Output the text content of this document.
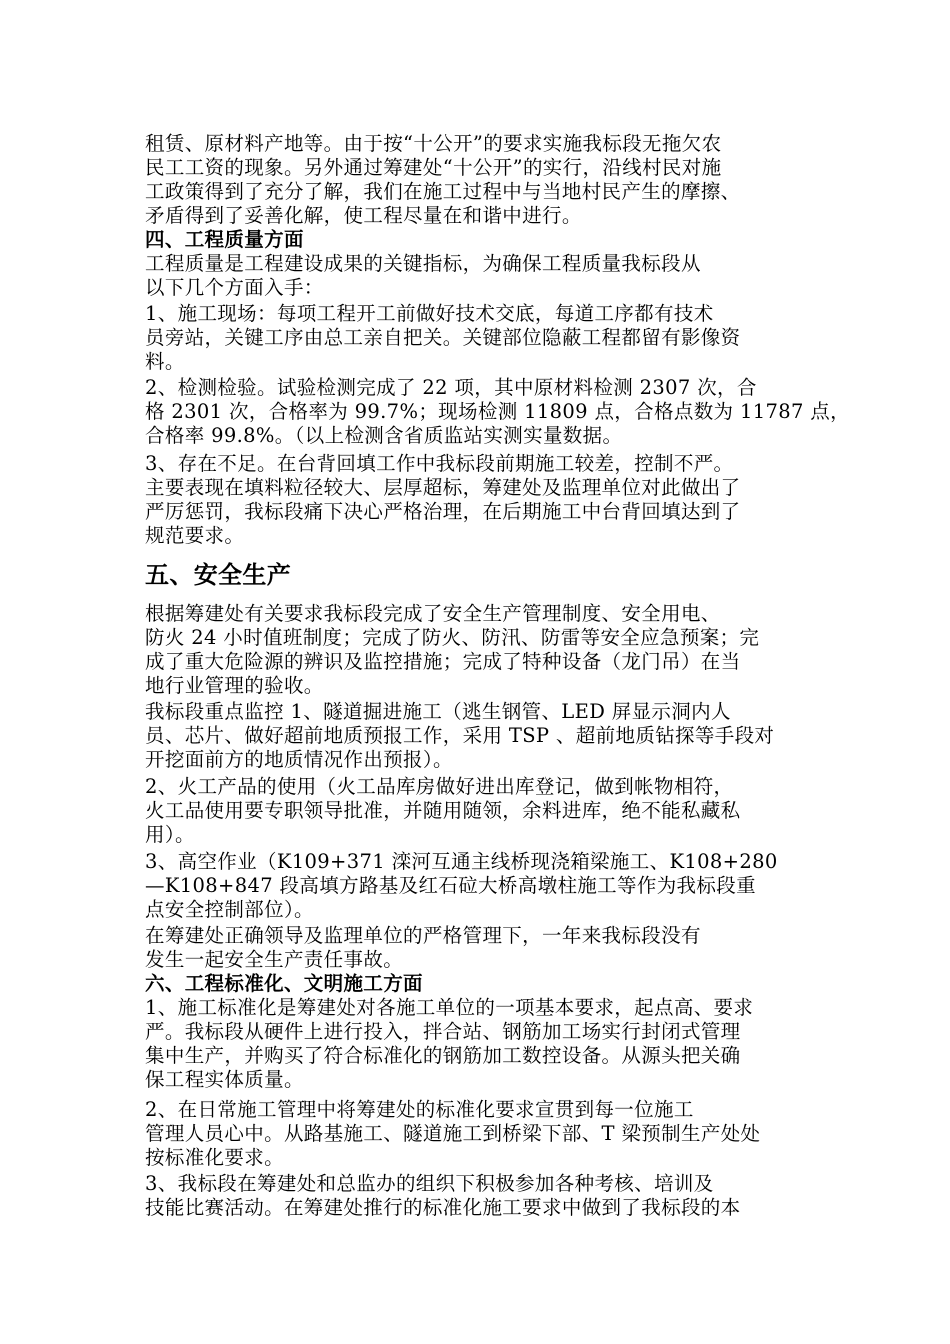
租赁、原材料产地等。由于按“十公开”的要求实施我标段无拖欠农
民工工资的现象。另外通过筹建处“十公开”的实行，沿线村民对施
工政策得到了充分了解，我们在施工过程中与当地村民产生的摩擦、
矛盾得到了妥善化解，使工程尽量在和谐中进行。
四、工程质量方面
工程质量是工程建设成果的关键指标，为确保工程质量我标段从
以下几个方面入手：
1、施工现场：每项工程开工前做好技术交底，每道工序都有技术
员旁站，关键工序由总工亲自把关。关键部位隐蔽工程都留有影像资
料。
2、检测检验。试验检测完成了 22 项，其中原材料检测 2307 次，合
格 2301 次，合格率为 99.7%；现场检测 11809 点，合格点数为 11787 点，
合格率 99.8%。（以上检测含省质监站实测实量数据。
3、存在不足。在台背回填工作中我标段前期施工较差，控制不严。
主要表现在填料粒径较大、层厚超标，筹建处及监理单位对此做出了
严厉惩罚，我标段痛下决心严格治理，在后期施工中台背回填达到了
规范要求。
五、安全生产
根据筹建处有关要求我标段完成了安全生产管理制度、安全用电、
防火 24 小时值班制度；完成了防火、防汛、防雷等安全应急预案；完
成了重大危险源的辨识及监控措施；完成了特种设备（龙门吊）在当
地行业管理的验收。
我标段重点监控 1、隧道掘进施工（逃生钢管、LED 屏显示洞内人
员、芯片、做好超前地质预报工作，采用 TSP 、超前地质钻探等手段对
开挖面前方的地质情况作出预报）。
2、火工产品的使用（火工品库房做好进出库登记，做到帐物相符，
火工品使用要专职领导批准，并随用随领，余料进库，绝不能私藏私
用）。
3、高空作业（K109+371 滦河互通主线桥现浇箱梁施工、K108+280
—K108+847 段高填方路基及红石砬大桥高墩柱施工等作为我标段重
点安全控制部位）。
在筹建处正确领导及监理单位的严格管理下，一年来我标段没有
发生一起安全生产责任事故。
六、工程标准化、文明施工方面
1、施工标准化是筹建处对各施工单位的一项基本要求，起点高、要求
严。我标段从硬件上进行投入，拌合站、钢筋加工场实行封闭式管理
集中生产，并购买了符合标准化的钢筋加工数控设备。从源头把关确
保工程实体质量。
2、在日常施工管理中将筹建处的标准化要求宣贯到每一位施工
管理人员心中。从路基施工、隧道施工到桥梁下部、T 梁预制生产处处
按标准化要求。
3、我标段在筹建处和总监办的组织下积极参加各种考核、培训及
技能比赛活动。在筹建处推行的标准化施工要求中做到了我标段的本
